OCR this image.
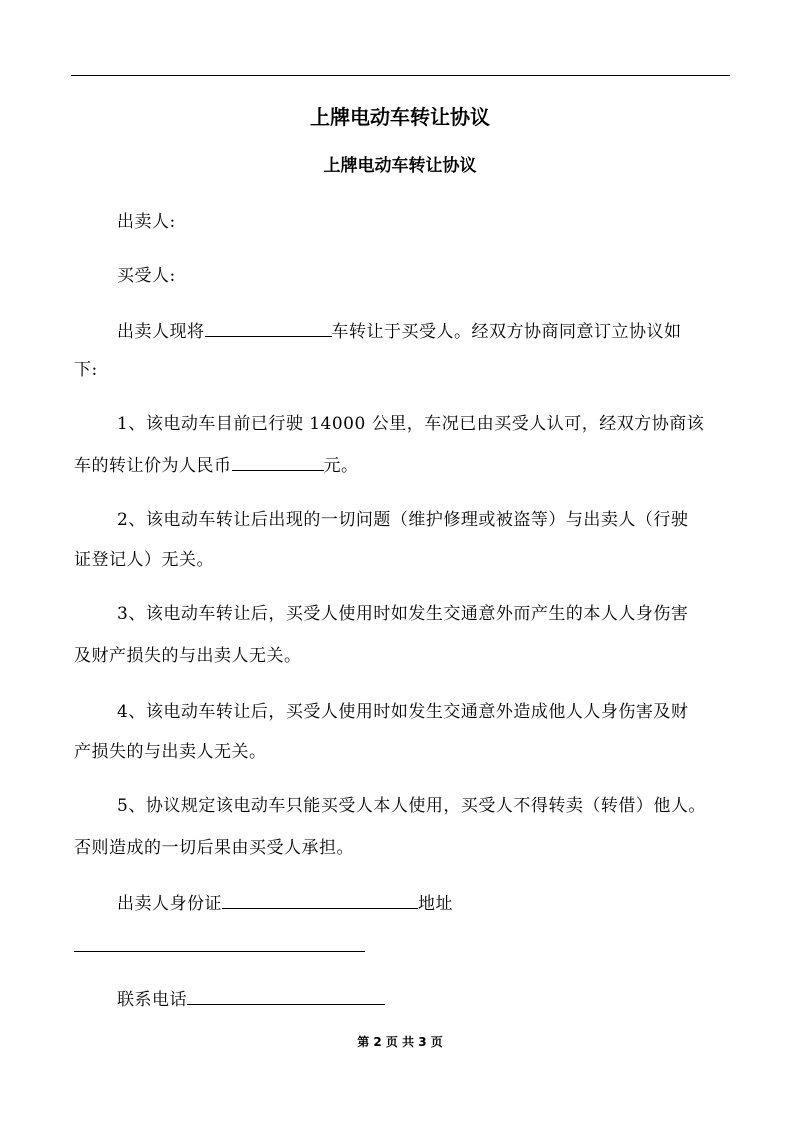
上牌电动车转让协议
上牌电动车转让协议
出卖人:
买受人:
出卖人现将	车转让于买受人。经双方协商同意订立协议如
下:
1、该电动车目前已行驶 14000 公里，车况已由买受人认可，经双方协商该
车的转让价为人民币	元。
2、该电动车转让后出现的一切问题（维护修理或被盗等）与出卖人（行驶
证登记人）无关。
3、该电动车转让后，买受人使用时如发生交通意外而产生的本人人身伤害
及财产损失的与出卖人无关。
4、该电动车转让后，买受人使用时如发生交通意外造成他人人身伤害及财
产损失的与出卖人无关。
5、协议规定该电动车只能买受人本人使用，买受人不得转卖（转借）他人。
否则造成的一切后果由买受人承担。
出卖人身份证	地址
联系电话
第 2 页 共 3 页
